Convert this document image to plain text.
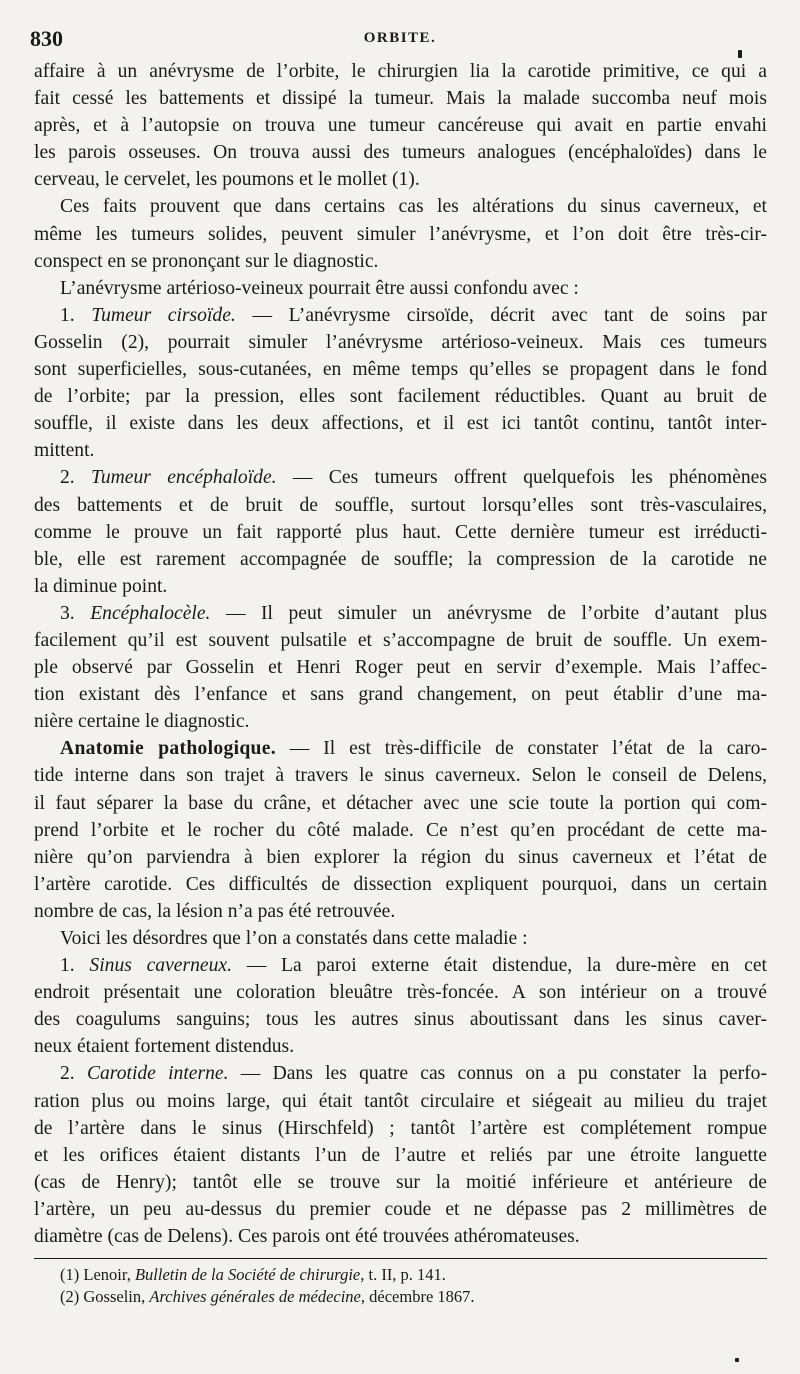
830	ORBITE.
affaire à un anévrysme de l’orbite, le chirurgien lia la carotide primitive, ce qui a
fait cessé les battements et dissipé la tumeur. Mais la malade succomba neuf mois
après, et à l’autopsie on trouva une tumeur cancéreuse qui avait en partie envahi
les parois osseuses. On trouva aussi des tumeurs analogues (encéphaloïdes) dans le
cerveau, le cervelet, les poumons et le mollet (1).
Ces faits prouvent que dans certains cas les altérations du sinus caverneux, et
même les tumeurs solides, peuvent simuler l’anévrysme, et l’on doit être très-cir-
conspect en se prononçant sur le diagnostic.
L’anévrysme artérioso-veineux pourrait être aussi confondu avec :
1. Tumeur cirsoïde. — L’anévrysme cirsoïde, décrit avec tant de soins par
Gosselin (2), pourrait simuler l’anévrysme artérioso-veineux. Mais ces tumeurs
sont superficielles, sous-cutanées, en même temps qu’elles se propagent dans le fond
de l’orbite; par la pression, elles sont facilement réductibles. Quant au bruit de
souffle, il existe dans les deux affections, et il est ici tantôt continu, tantôt inter-
mittent.
2. Tumeur encéphaloïde. — Ces tumeurs offrent quelquefois les phénomènes
des battements et de bruit de souffle, surtout lorsqu’elles sont très-vasculaires,
comme le prouve un fait rapporté plus haut. Cette dernière tumeur est irréducti-
ble, elle est rarement accompagnée de souffle; la compression de la carotide ne
la diminue point.
3. Encéphalocèle. — Il peut simuler un anévrysme de l’orbite d’autant plus
facilement qu’il est souvent pulsatile et s’accompagne de bruit de souffle. Un exem-
ple observé par Gosselin et Henri Roger peut en servir d’exemple. Mais l’affec-
tion existant dès l’enfance et sans grand changement, on peut établir d’une ma-
nière certaine le diagnostic.
Anatomie pathologique. — Il est très-difficile de constater l’état de la caro-
tide interne dans son trajet à travers le sinus caverneux. Selon le conseil de Delens,
il faut séparer la base du crâne, et détacher avec une scie toute la portion qui com-
prend l’orbite et le rocher du côté malade. Ce n’est qu’en procédant de cette ma-
nière qu’on parviendra à bien explorer la région du sinus caverneux et l’état de
l’artère carotide. Ces difficultés de dissection expliquent pourquoi, dans un certain
nombre de cas, la lésion n’a pas été retrouvée.
Voici les désordres que l’on a constatés dans cette maladie :
1. Sinus caverneux. — La paroi externe était distendue, la dure-mère en cet
endroit présentait une coloration bleuâtre très-foncée. A son intérieur on a trouvé
des coagulums sanguins; tous les autres sinus aboutissant dans les sinus caver-
neux étaient fortement distendus.
2. Carotide interne. — Dans les quatre cas connus on a pu constater la perfo-
ration plus ou moins large, qui était tantôt circulaire et siégeait au milieu du trajet
de l’artère dans le sinus (Hirschfeld) ; tantôt l’artère est complétement rompue
et les orifices étaient distants l’un de l’autre et reliés par une étroite languette
(cas de Henry); tantôt elle se trouve sur la moitié inférieure et antérieure de
l’artère, un peu au-dessus du premier coude et ne dépasse pas 2 millimètres de
diamètre (cas de Delens). Ces parois ont été trouvées athéromateuses.
(1) Lenoir, Bulletin de la Société de chirurgie, t. II, p. 141.
(2) Gosselin, Archives générales de médecine, décembre 1867.
